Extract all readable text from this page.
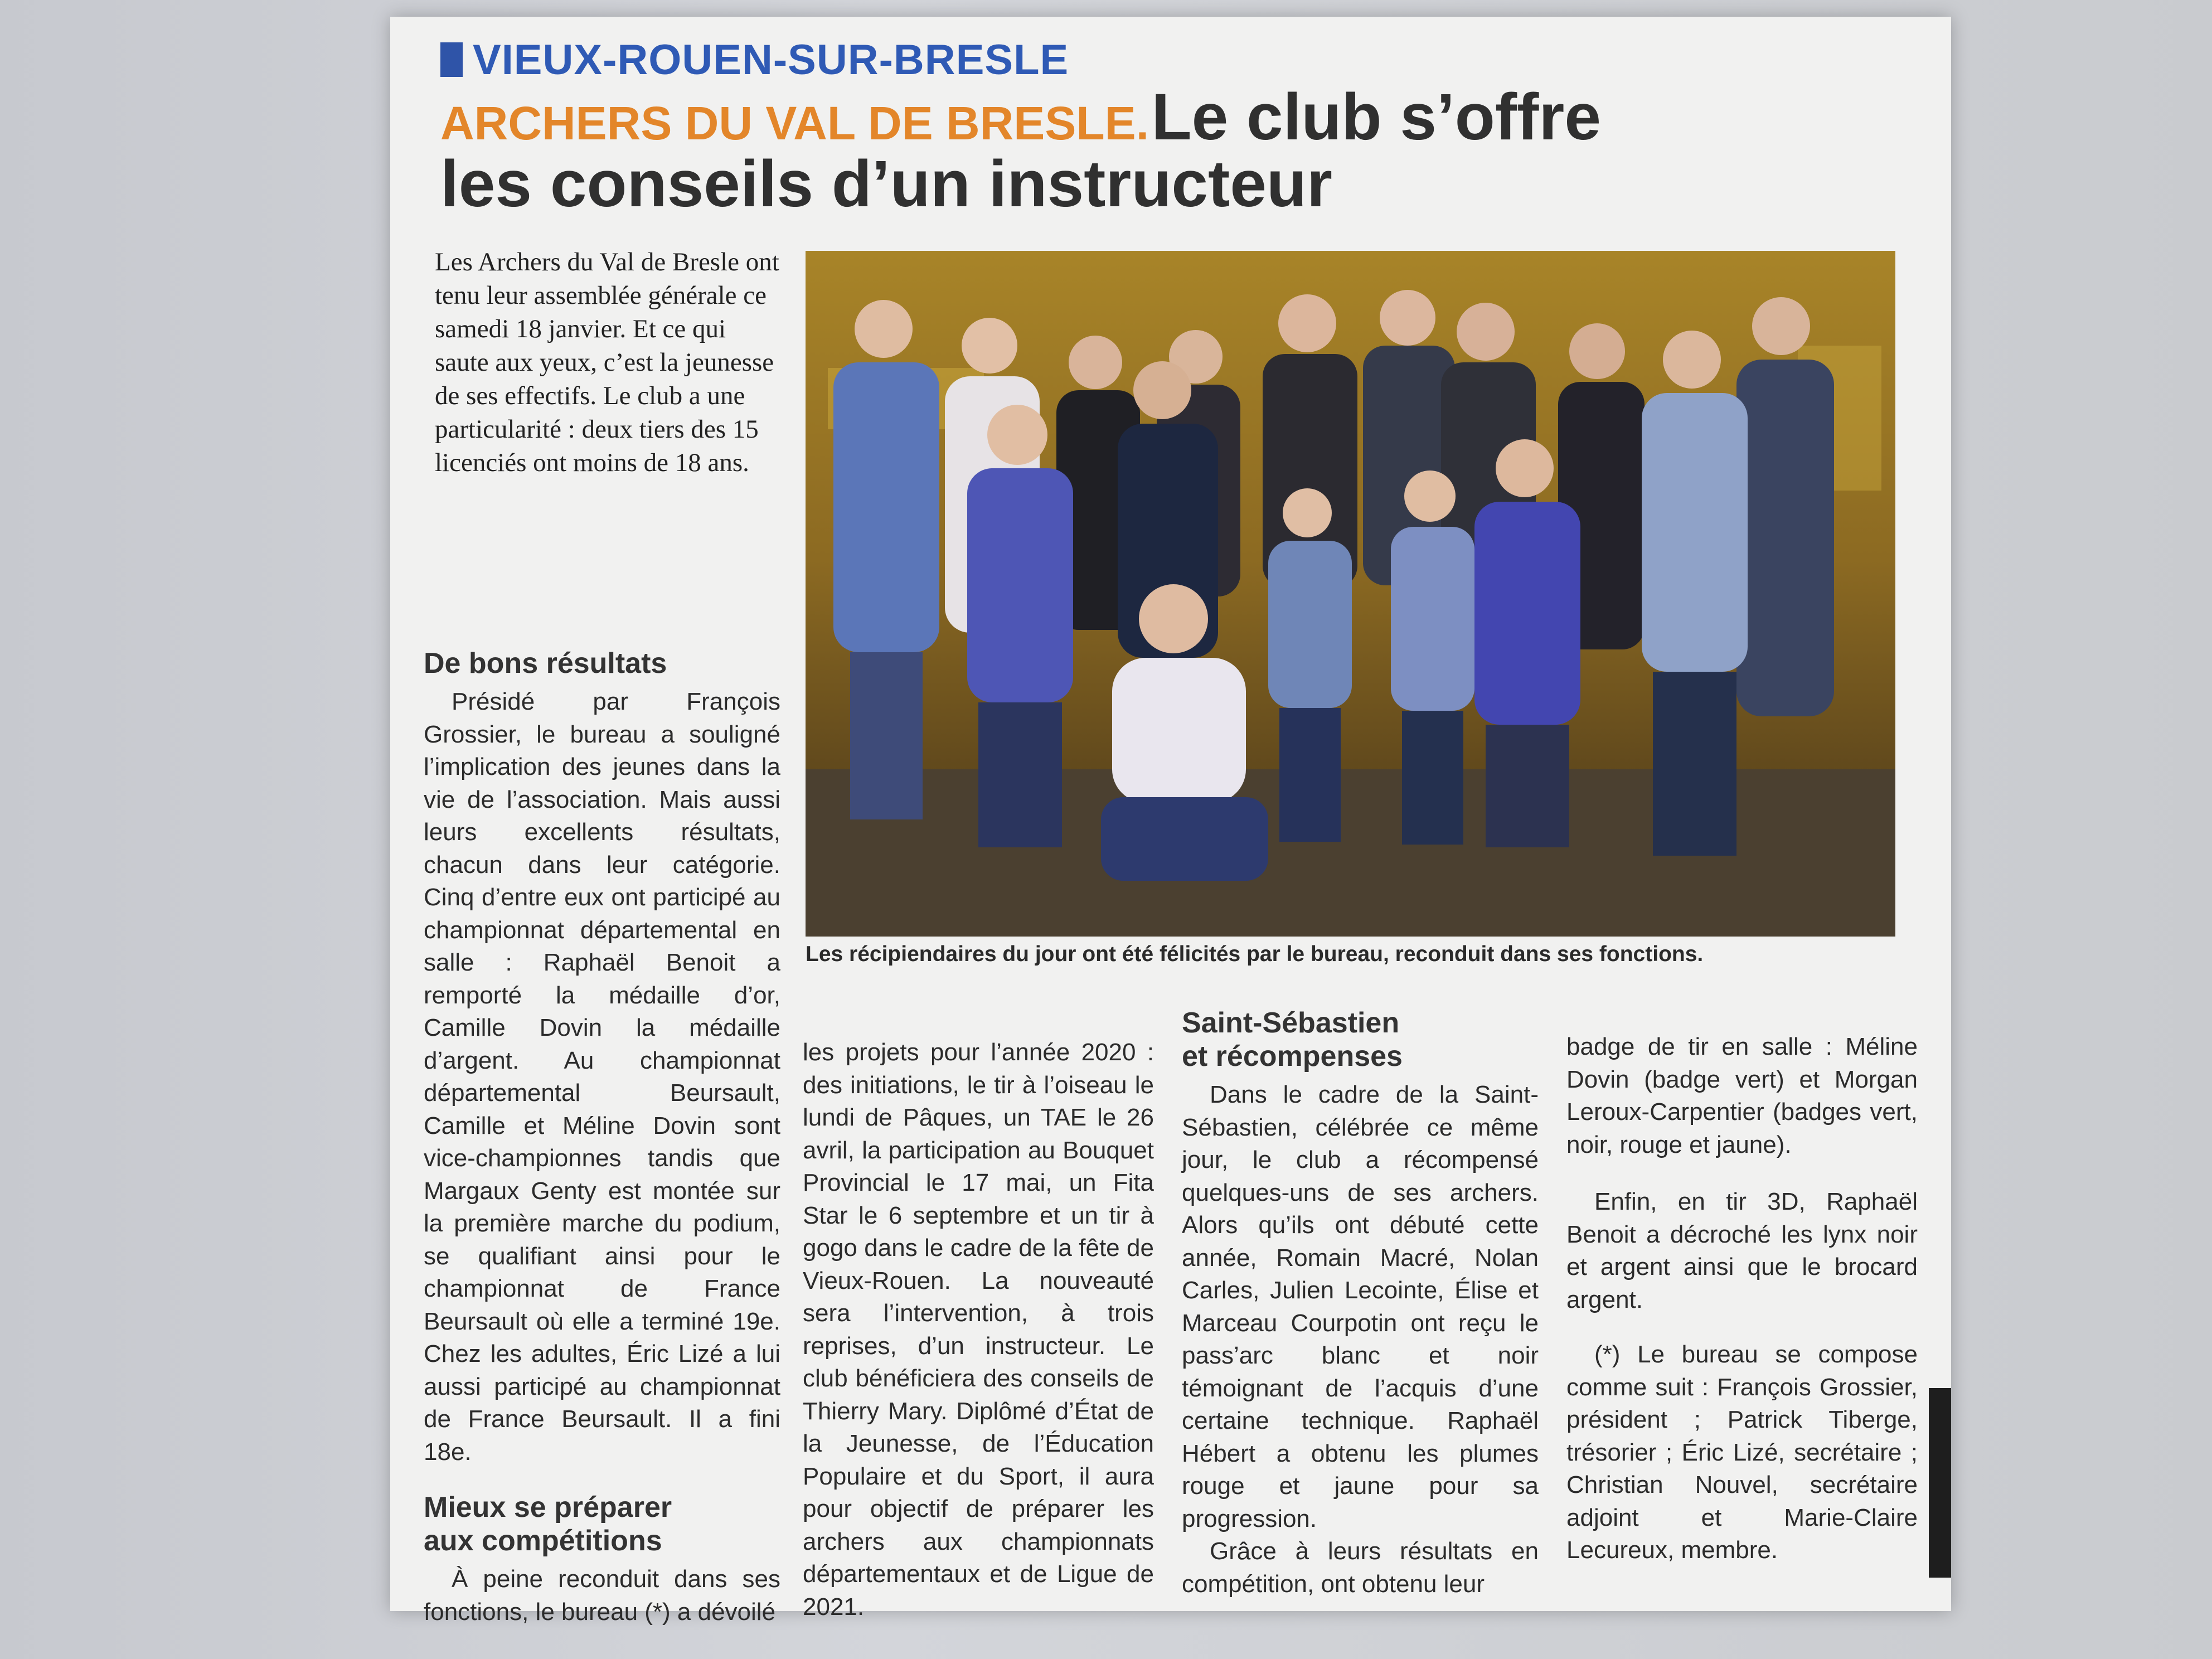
VIEUX-ROUEN-SUR-BRESLE
ARCHERS DU VAL DE BRESLE. Le club s’offre
les conseils d’un instructeur
Les Archers du Val de Bresle ont tenu leur assemblée générale ce samedi 18 janvier. Et ce qui saute aux yeux, c’est la jeunesse de ses effectifs. Le club a une particularité : deux tiers des 15 licenciés ont moins de 18 ans.
Les récipiendaires du jour ont été félicités par le bureau, reconduit dans ses fonctions.
De bons résultats

Présidé par François Grossier, le bureau a souligné l’implication des jeunes dans la vie de l’association. Mais aussi leurs excellents résultats, chacun dans leur catégorie. Cinq d’entre eux ont participé au championnat départemental en salle : Raphaël Benoit a remporté la médaille d’or, Camille Dovin la médaille d’argent. Au championnat départemental Beursault, Camille et Méline Dovin sont vice-championnes tandis que Margaux Genty est montée sur la première marche du podium, se qualifiant ainsi pour le championnat de France Beursault où elle a terminé 19e. Chez les adultes, Éric Lizé a lui aussi participé au championnat de France Beursault. Il a fini 18e.

Mieux se préparer
aux compétitions

À peine reconduit dans ses fonctions, le bureau (*) a dévoilé

les projets pour l’année 2020 : des initiations, le tir à l’oiseau le lundi de Pâques, un TAE le 26 avril, la participation au Bouquet Provincial le 17 mai, un Fita Star le 6 septembre et un tir à gogo dans le cadre de la fête de Vieux-Rouen. La nouveauté sera l’intervention, à trois reprises, d’un instructeur. Le club bénéficiera des conseils de Thierry Mary. Diplômé d’État de la Jeunesse, de l’Éducation Populaire et du Sport, il aura pour objectif de préparer les archers aux championnats départementaux et de Ligue de 2021.

Saint-Sébastien
et récompenses

Dans le cadre de la Saint-Sébastien, célébrée ce même jour, le club a récompensé quelques-uns de ses archers. Alors qu’ils ont débuté cette année, Romain Macré, Nolan Carles, Julien Lecointe, Élise et Marceau Courpotin ont reçu le pass’arc blanc et noir témoignant de l’acquis d’une certaine technique. Raphaël Hébert a obtenu les plumes rouge et jaune pour sa progression.

Grâce à leurs résultats en compétition, ont obtenu leur

badge de tir en salle : Méline Dovin (badge vert) et Morgan Leroux-Carpentier (badges vert, noir, rouge et jaune).

Enfin, en tir 3D, Raphaël Benoit a décroché les lynx noir et argent ainsi que le brocard argent.

(*) Le bureau se compose comme suit : François Grossier, président ; Patrick Tiberge, trésorier ; Éric Lizé, secrétaire ; Christian Nouvel, secrétaire adjoint et Marie-Claire Lecureux, membre.
